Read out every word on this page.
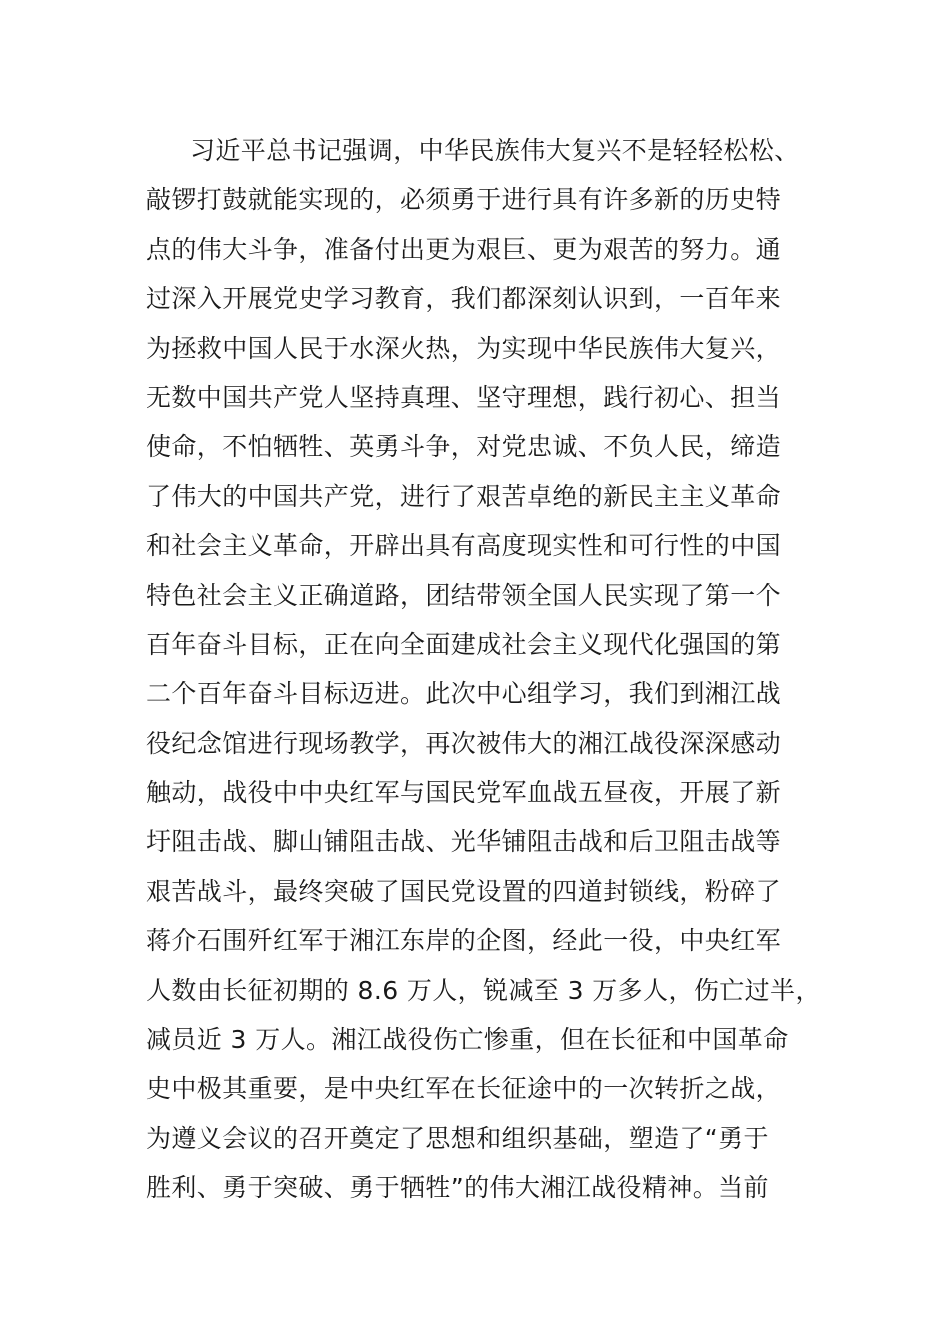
习近平总书记强调，中华民族伟大复兴不是轻轻松松、
敲锣打鼓就能实现的，必须勇于进行具有许多新的历史特
点的伟大斗争，准备付出更为艰巨、更为艰苦的努力。通
过深入开展党史学习教育，我们都深刻认识到，一百年来
为拯救中国人民于水深火热，为实现中华民族伟大复兴，
无数中国共产党人坚持真理、坚守理想，践行初心、担当
使命，不怕牺牲、英勇斗争，对党忠诚、不负人民，缔造
了伟大的中国共产党，进行了艰苦卓绝的新民主主义革命
和社会主义革命，开辟出具有高度现实性和可行性的中国
特色社会主义正确道路，团结带领全国人民实现了第一个
百年奋斗目标，正在向全面建成社会主义现代化强国的第
二个百年奋斗目标迈进。此次中心组学习，我们到湘江战
役纪念馆进行现场教学，再次被伟大的湘江战役深深感动
触动，战役中中央红军与国民党军血战五昼夜，开展了新
圩阻击战、脚山铺阻击战、光华铺阻击战和后卫阻击战等
艰苦战斗，最终突破了国民党设置的四道封锁线，粉碎了
蒋介石围歼红军于湘江东岸的企图，经此一役，中央红军
人数由长征初期的 8.6 万人，锐减至 3 万多人，伤亡过半，
减员近 3 万人。湘江战役伤亡惨重，但在长征和中国革命
史中极其重要，是中央红军在长征途中的一次转折之战，
为遵义会议的召开奠定了思想和组织基础，塑造了“勇于
胜利、勇于突破、勇于牺牲”的伟大湘江战役精神。当前
